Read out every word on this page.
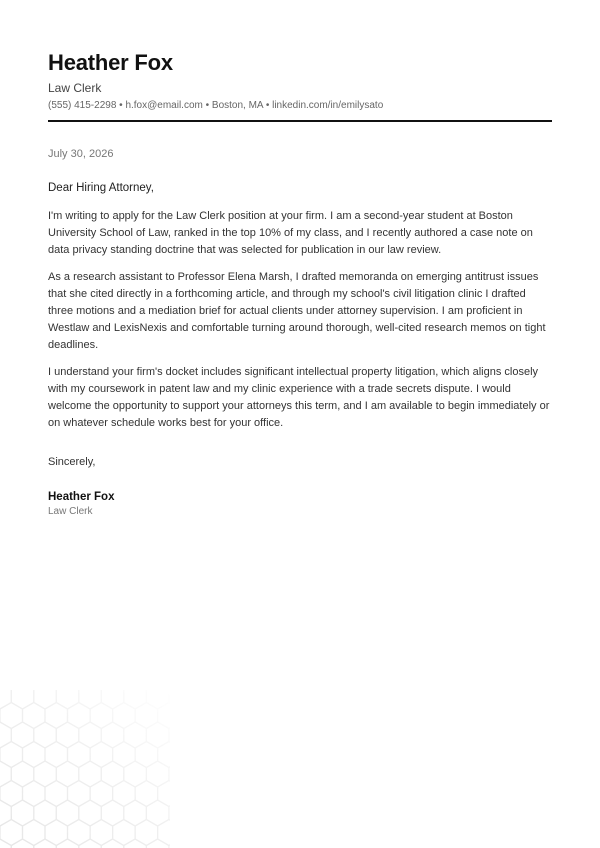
Heather Fox
Law Clerk
(555) 415-2298 • h.fox@email.com • Boston, MA • linkedin.com/in/emilysato
July 30, 2026
Dear Hiring Attorney,

I'm writing to apply for the Law Clerk position at your firm. I am a second-year student at Boston University School of Law, ranked in the top 10% of my class, and I recently authored a case note on data privacy standing doctrine that was selected for publication in our law review.

As a research assistant to Professor Elena Marsh, I drafted memoranda on emerging antitrust issues that she cited directly in a forthcoming article, and through my school's civil litigation clinic I drafted three motions and a mediation brief for actual clients under attorney supervision. I am proficient in Westlaw and LexisNexis and comfortable turning around thorough, well-cited research memos on tight deadlines.

I understand your firm's docket includes significant intellectual property litigation, which aligns closely with my coursework in patent law and my clinic experience with a trade secrets dispute. I would welcome the opportunity to support your attorneys this term, and I am available to begin immediately or on whatever schedule works best for your office.

Sincerely,
Heather Fox
Law Clerk
